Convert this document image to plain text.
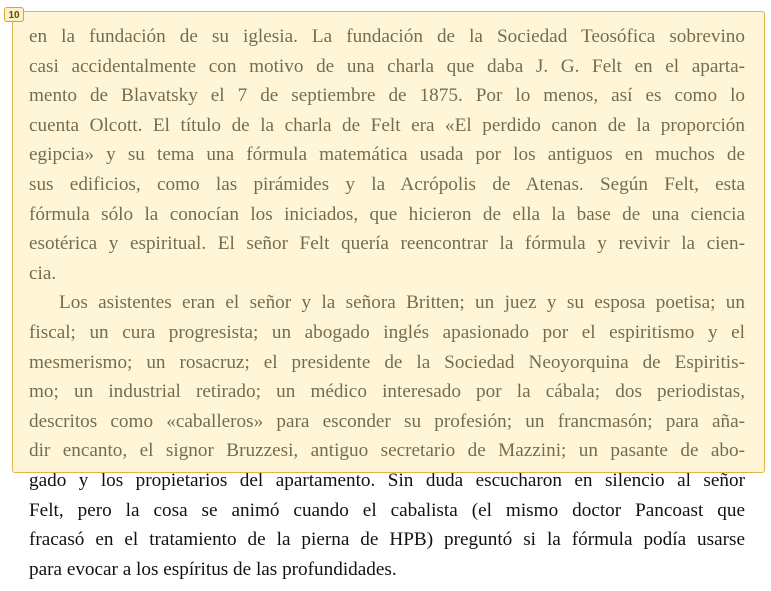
10

en la fundación de su iglesia. La fundación de la Sociedad Teosófica sobrevino
casi accidentalmente con motivo de una charla que daba J. G. Felt en el aparta-
mento de Blavatsky el 7 de septiembre de 1875. Por lo menos, así es como lo
cuenta Olcott. El título de la charla de Felt era «El perdido canon de la proporción
egipcia» y su tema una fórmula matemática usada por los antiguos en muchos de
sus edificios, como las pirámides y la Acrópolis de Atenas. Según Felt, esta
fórmula sólo la conocían los iniciados, que hicieron de ella la base de una ciencia
esotérica y espiritual. El señor Felt quería reencontrar la fórmula y revivir la cien-
cia.

Los asistentes eran el señor y la señora Britten; un juez y su esposa poetisa; un
fiscal; un cura progresista; un abogado inglés apasionado por el espiritismo y el
mesmerismo; un rosacruz; el presidente de la Sociedad Neoyorquina de Espiritis-
mo; un industrial retirado; un médico interesado por la cábala; dos periodistas,
descritos como «caballeros» para esconder su profesión; un francmasón; para aña-
dir encanto, el signor Bruzzesi, antiguo secretario de Mazzini; un pasante de abo-
gado y los propietarios del apartamento. Sin duda escucharon en silencio al señor
Felt, pero la cosa se animó cuando el cabalista (el mismo doctor Pancoast que
fracasó en el tratamiento de la pierna de HPB) preguntó si la fórmula podía usarse
para evocar a los espíritus de las profundidades.
